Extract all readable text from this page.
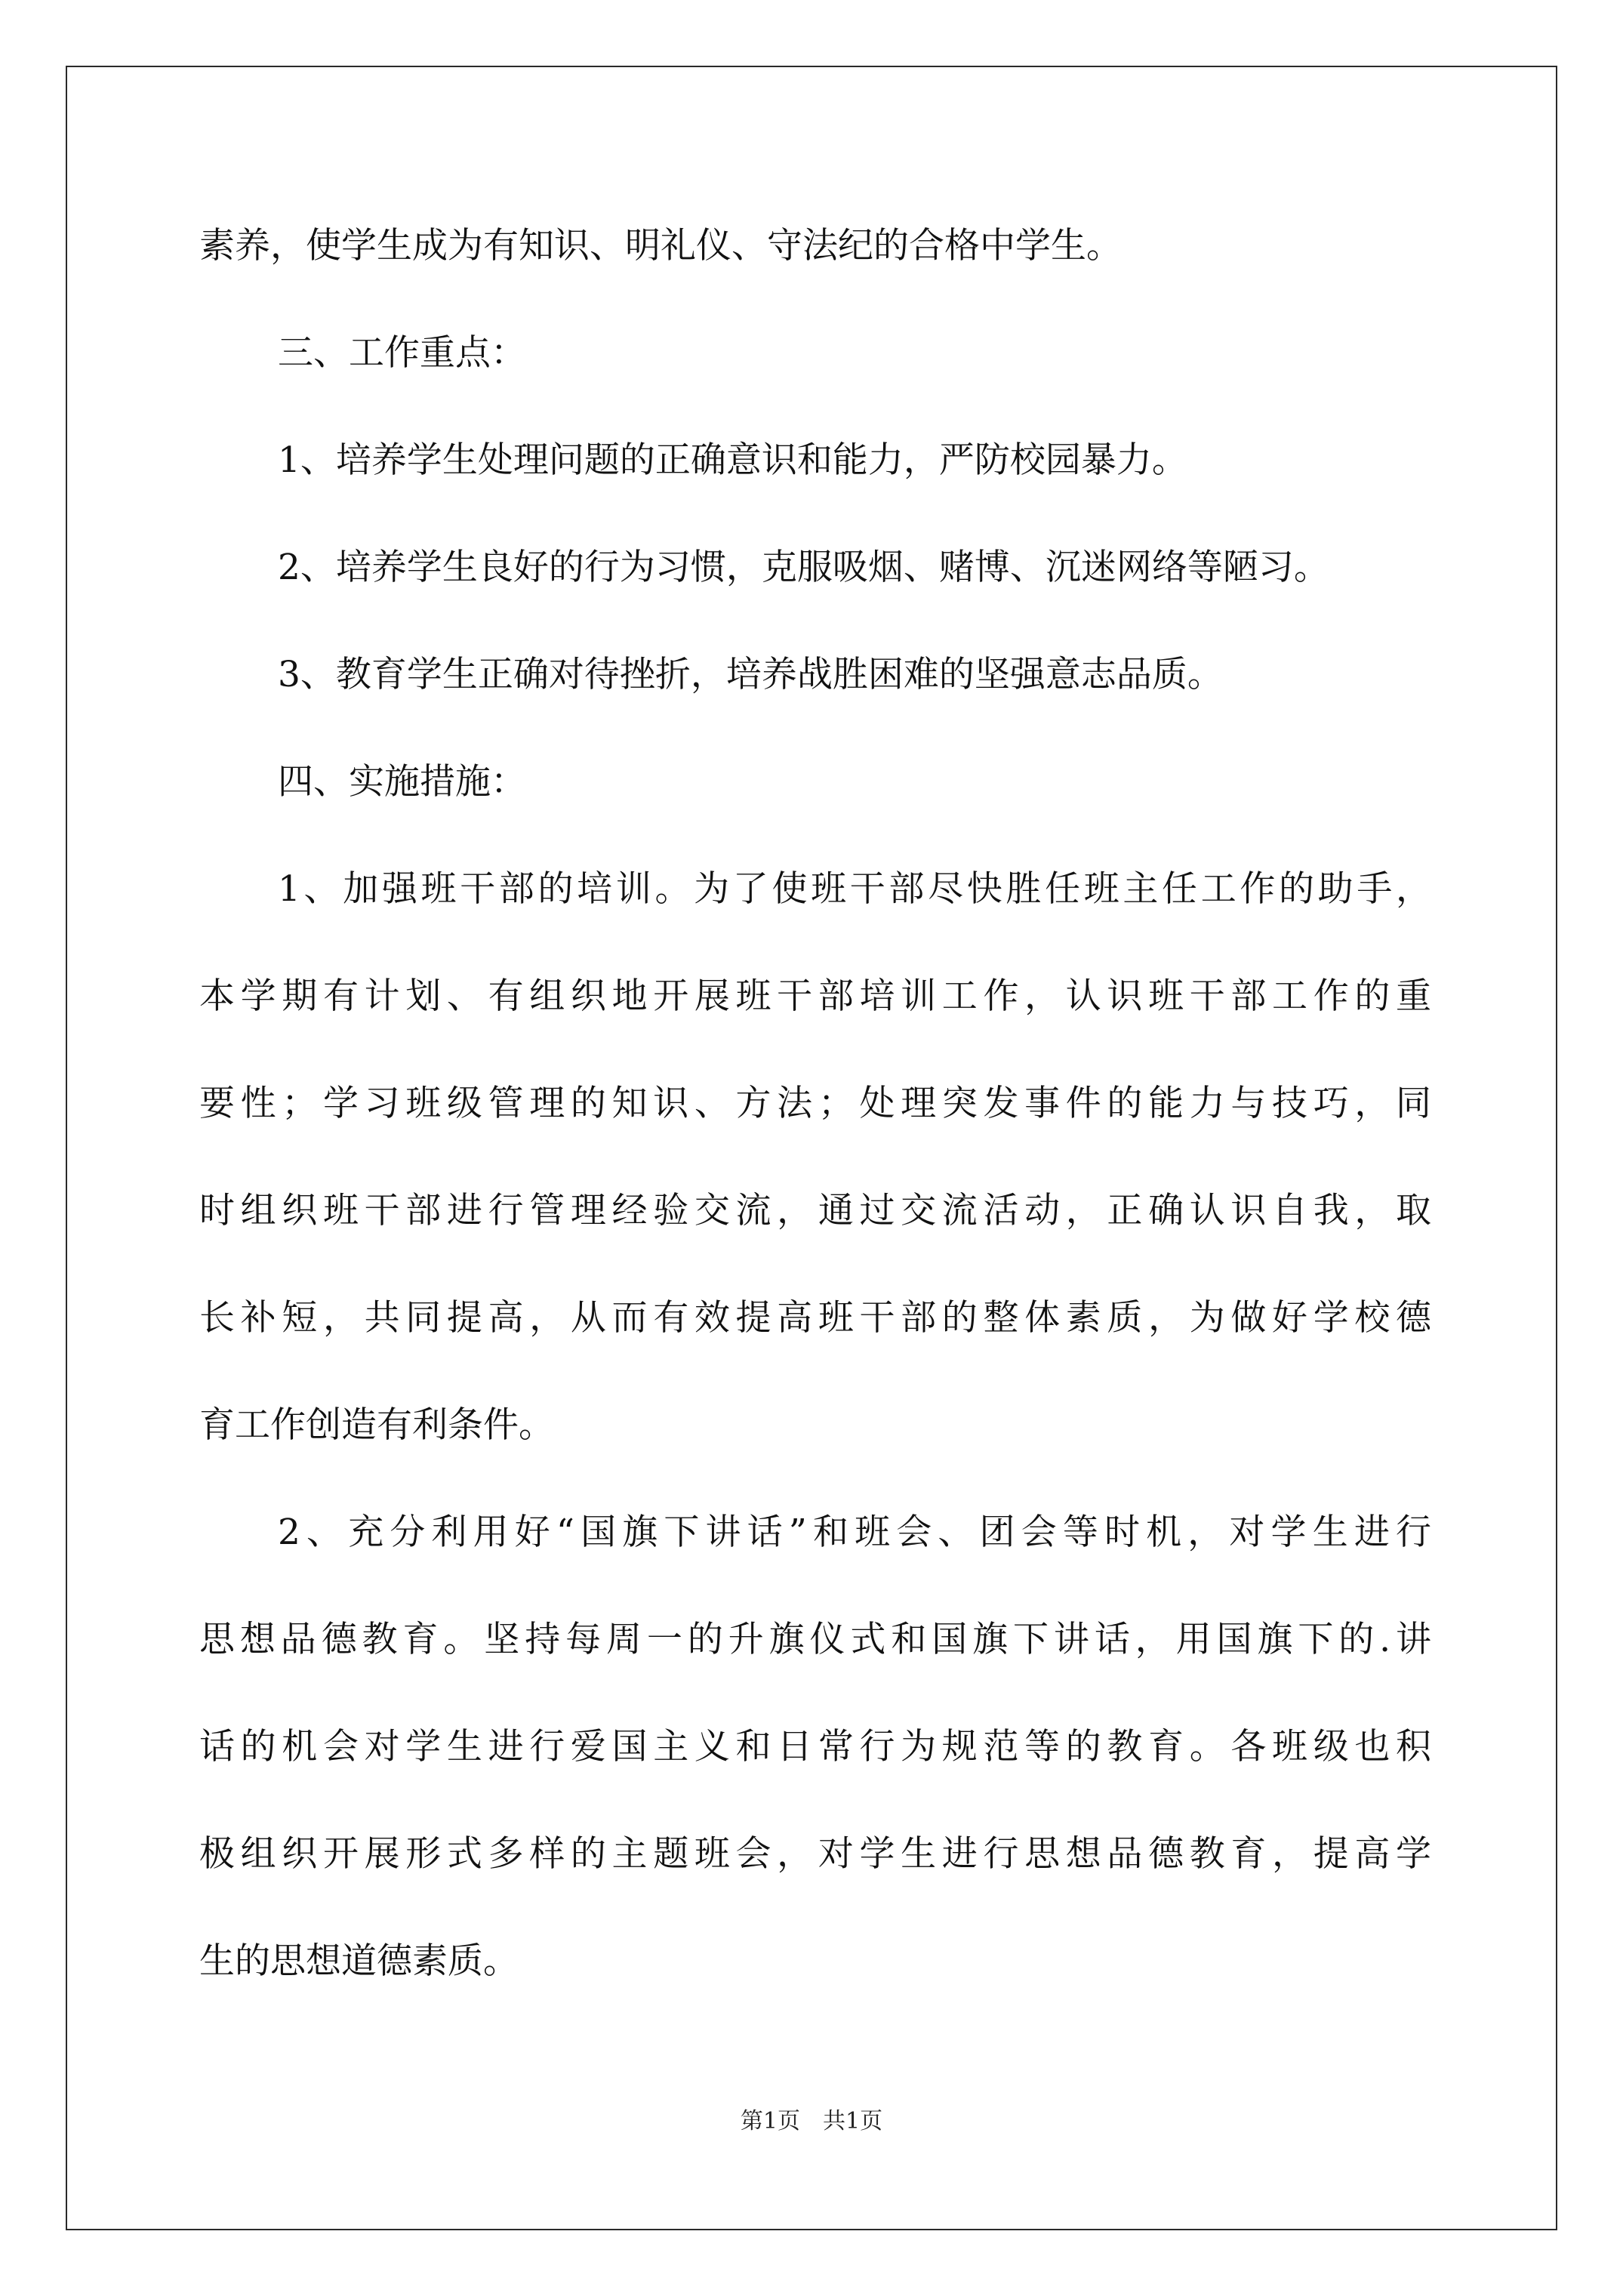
素养，使学生成为有知识、明礼仪、守法纪的合格中学生。
三、工作重点：
1、培养学生处理问题的正确意识和能力，严防校园暴力。
2、培养学生良好的行为习惯，克服吸烟、赌博、沉迷网络等陋习。
3、教育学生正确对待挫折，培养战胜困难的坚强意志品质。
四、实施措施：
1、加强班干部的培训。为了使班干部尽快胜任班主任工作的助手，
本学期有计划、有组织地开展班干部培训工作，认识班干部工作的重
要性；学习班级管理的知识、方法；处理突发事件的能力与技巧，同
时组织班干部进行管理经验交流，通过交流活动，正确认识自我，取
长补短，共同提高，从而有效提高班干部的整体素质，为做好学校德
育工作创造有利条件。
2、充分利用好“国旗下讲话”和班会、团会等时机，对学生进行
思想品德教育。坚持每周一的升旗仪式和国旗下讲话，用国旗下的.讲
话的机会对学生进行爱国主义和日常行为规范等的教育。各班级也积
极组织开展形式多样的主题班会，对学生进行思想品德教育，提高学
生的思想道德素质。
第1页　共1页
